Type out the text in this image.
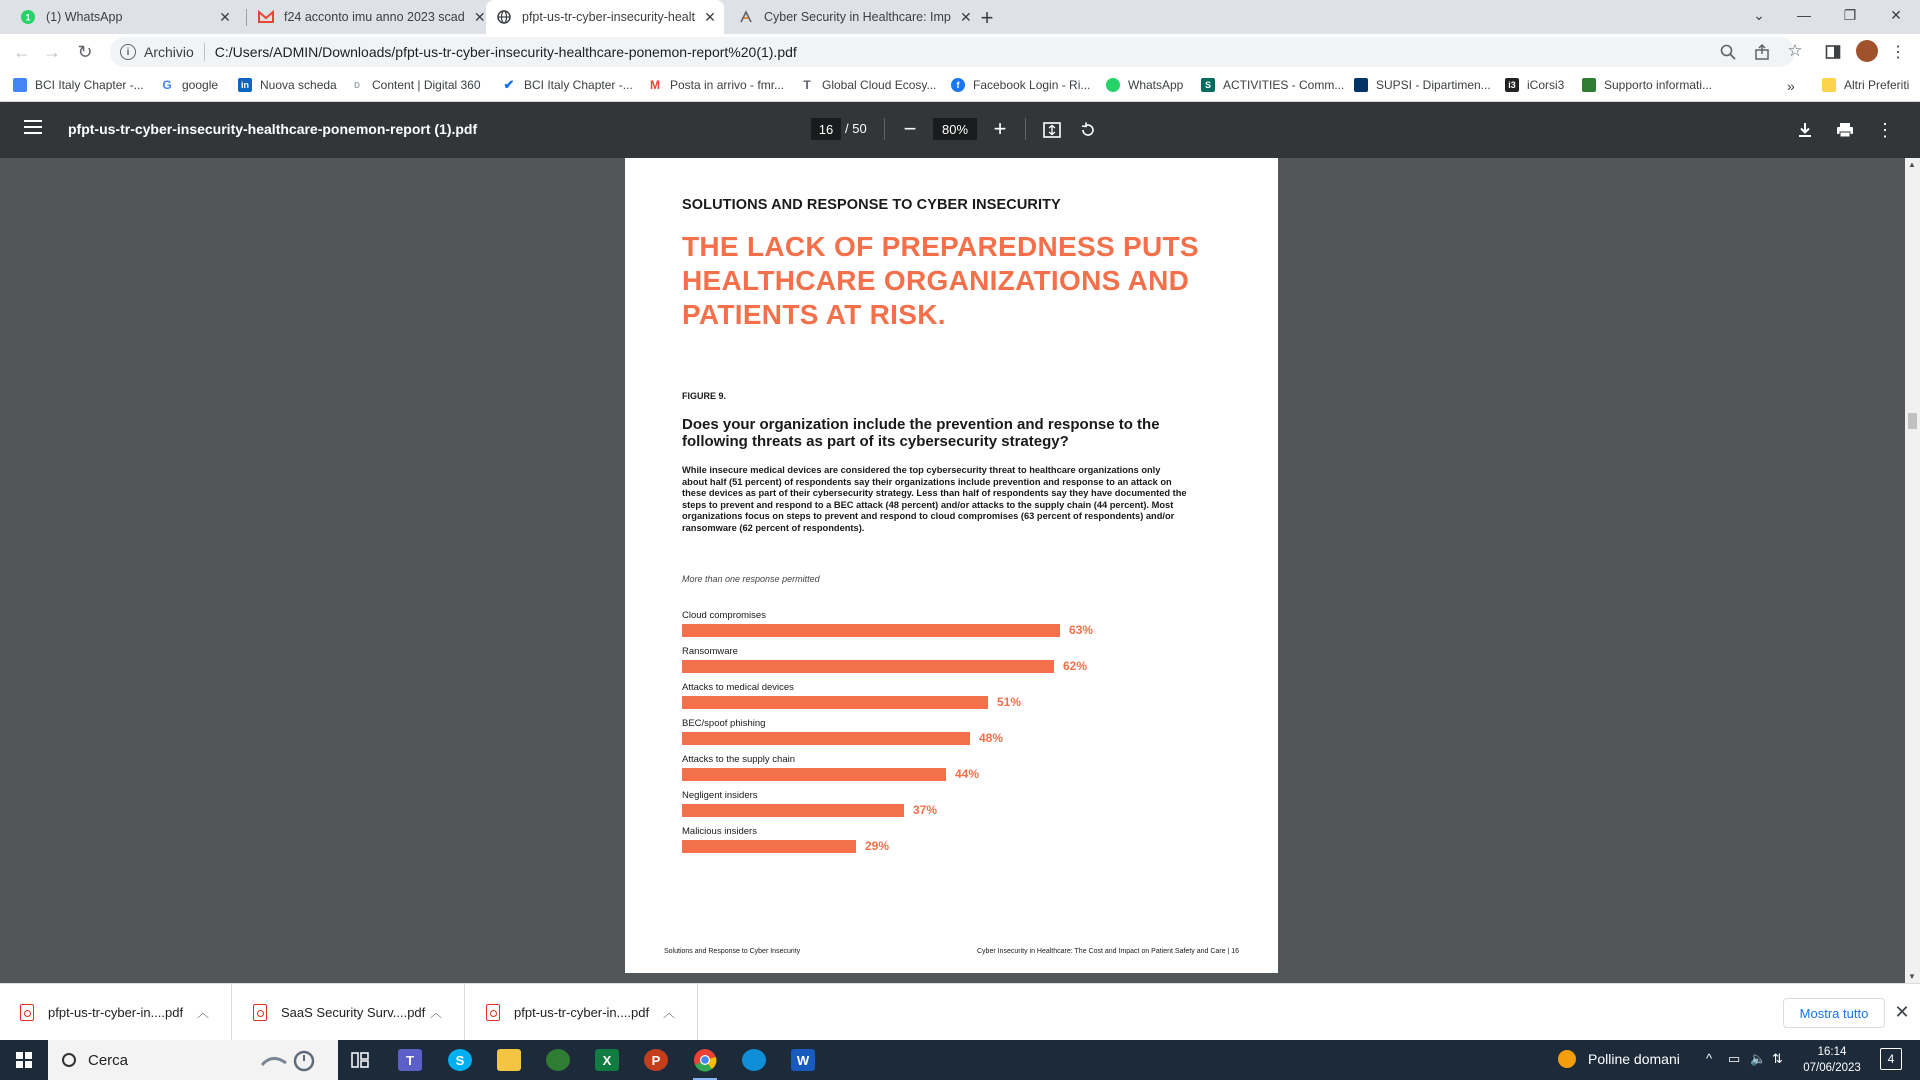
1 (1) WhatsApp	✕	f24 acconto imu anno 2023 scad ✕	pfpt-us-tr-cyber-insecurity-healt ✕	Cyber Security in Healthcare: Imp ✕ +	⌄	—	❐	✕
← → ↻	i	Archivio C:/Users/ADMIN/Downloads/pfpt-us-tr-cyber-insecurity-healthcare-ponemon-report%20(1).pdf	☆	⋮
BCI Italy Chapter -... G google	in Nuova scheda	D	Content | Digital 360 ✔ BCI Italy Chapter -... M Posta in arrivo - fmr... T Global Cloud Ecosy...	f	Facebook Login - Ri...	WhatsApp	S	ACTIVITIES - Comm...	SUPSI - Dipartimen...	i3 iCorsi3	Supporto informati...	»	Altri Preferiti
pfpt-us-tr-cyber-insecurity-healthcare-ponemon-report (1).pdf	16 / 50 −	80%	+	⋮
SOLUTIONS AND RESPONSE TO CYBER INSECURITY
THE LACK OF PREPAREDNESS PUTS HEALTHCARE ORGANIZATIONS AND PATIENTS AT RISK.
FIGURE 9.
Does your organization include the prevention and response to the following threats as part of its cybersecurity strategy?
While insecure medical devices are considered the top cybersecurity threat to healthcare organizations only about half (51 percent) of respondents say their organizations include prevention and response to an attack on these devices as part of their cybersecurity strategy. Less than half of respondents say they have documented the steps to prevent and respond to a BEC attack (48 percent) and/or attacks to the supply chain (44 percent). Most organizations focus on steps to prevent and respond to cloud compromises (63 percent of respondents) and/or ransomware (62 percent of respondents).
More than one response permitted
Cloud compromises
63%
Ransomware
62%
Attacks to medical devices
51%
BEC/spoof phishing
48%
Attacks to the supply chain
44%
Negligent insiders
37%
Malicious insiders
29%
Solutions and Response to Cyber Insecurity	Cyber Insecurity in Healthcare: The Cost and Impact on Patient Safety and Care | 16
▲
▼
pfpt-us-tr-cyber-in....pdf	︿	SaaS Security Surv....pdf ︿	pfpt-us-tr-cyber-in....pdf	︿	Mostra tutto	✕
Cerca	T	S	X	P	W	Polline domani ^ ▭ 🔈 ⇅	16:14
07/06/2023
4
